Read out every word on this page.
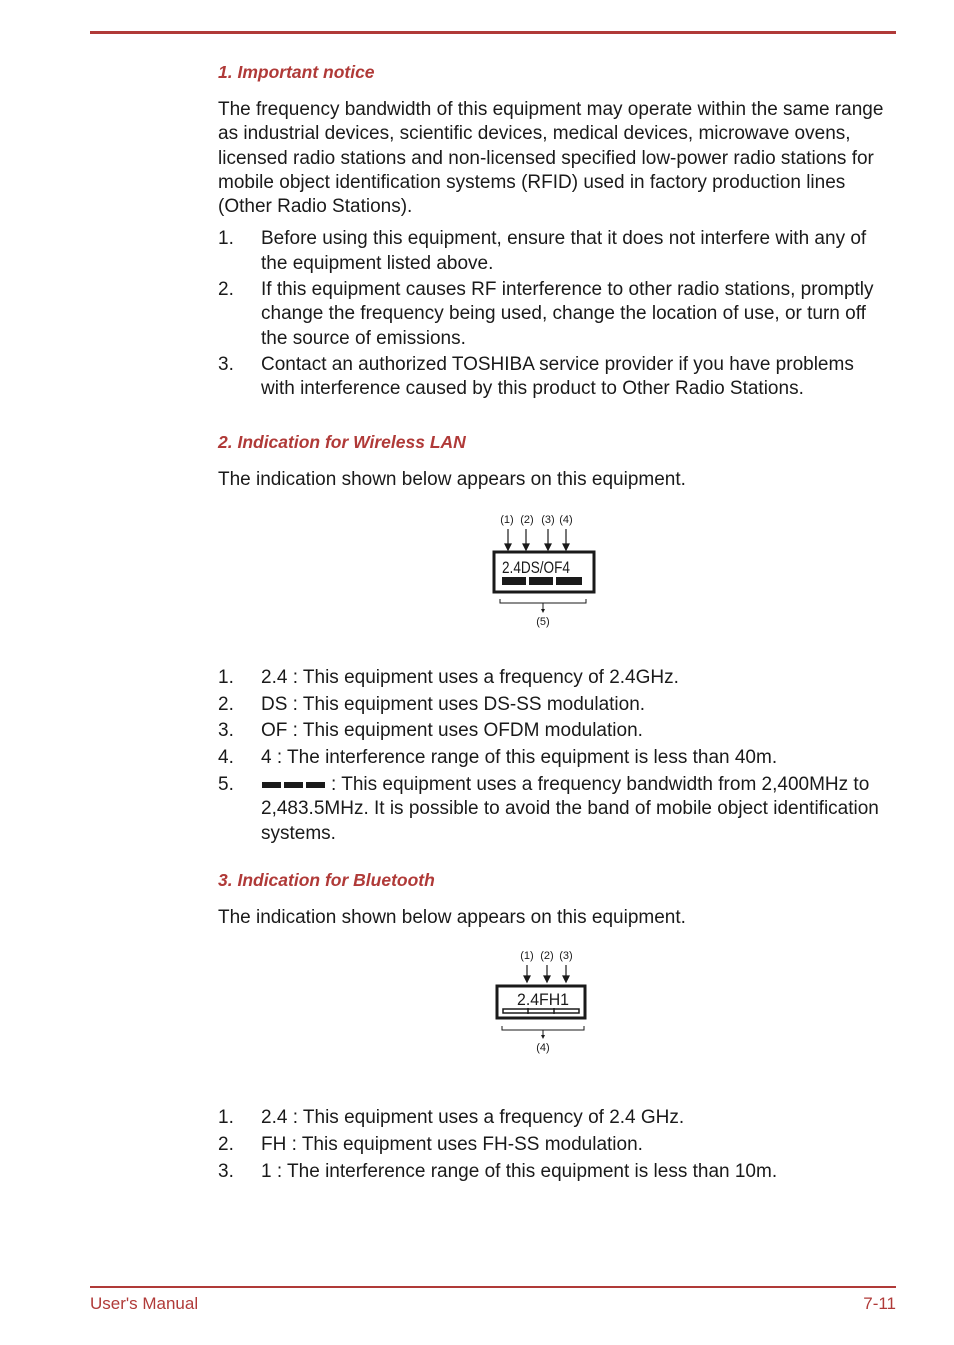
1. Important notice

The frequency bandwidth of this equipment may operate within the same range as industrial devices, scientific devices, medical devices, microwave ovens, licensed radio stations and non-licensed specified low-power radio stations for mobile object identification systems (RFID) used in factory production lines (Other Radio Stations).

1. Before using this equipment, ensure that it does not interfere with any of the equipment listed above.
2. If this equipment causes RF interference to other radio stations, promptly change the frequency being used, change the location of use, or turn off the source of emissions.
3. Contact an authorized TOSHIBA service provider if you have problems with interference caused by this product to Other Radio Stations.
2. Indication for Wireless LAN

The indication shown below appears on this equipment.

(1) (2) (3) (4)
2.4DS/OF4
(5)
1. 2.4 : This equipment uses a frequency of 2.4GHz.
2. DS : This equipment uses DS-SS modulation.
3. OF : This equipment uses OFDM modulation.
4. 4 : The interference range of this equipment is less than 40m.
5.	: This equipment uses a frequency bandwidth from 2,400MHz to 2,483.5MHz. It is possible to avoid the band of mobile object identification systems.
3. Indication for Bluetooth

The indication shown below appears on this equipment.

(1) (2) (3)
2.4FH1
(4)
1. 2.4 : This equipment uses a frequency of 2.4 GHz.
2. FH : This equipment uses FH-SS modulation.
3. 1 : The interference range of this equipment is less than 10m.
User's Manual	7-11
